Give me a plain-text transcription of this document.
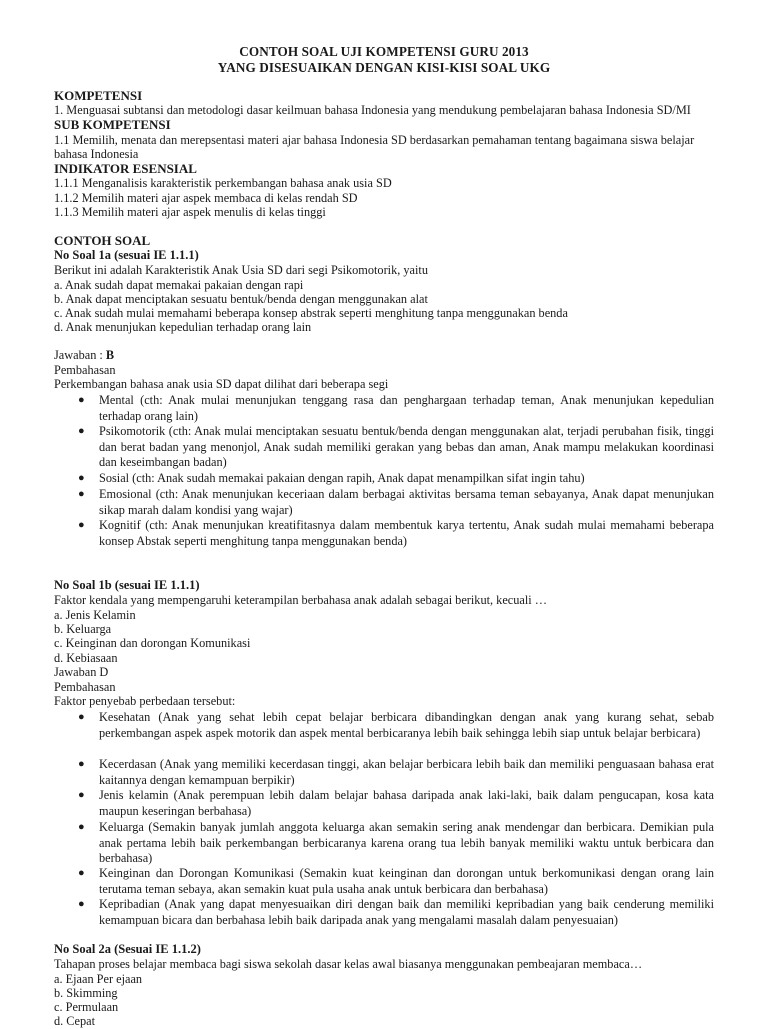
CONTOH SOAL UJI KOMPETENSI GURU 2013
YANG DISESUAIKAN DENGAN KISI-KISI SOAL UKG
KOMPETENSI
1. Menguasai subtansi dan metodologi dasar keilmuan bahasa Indonesia yang mendukung pembelajaran bahasa Indonesia SD/MI
SUB KOMPETENSI
1.1 Memilih, menata dan merepsentasi materi ajar bahasa Indonesia SD berdasarkan pemahaman tentang bagaimana siswa belajar
bahasa Indonesia
INDIKATOR ESENSIAL
1.1.1 Menganalisis karakteristik perkembangan bahasa anak usia SD
1.1.2 Memilih materi ajar aspek membaca di kelas rendah SD
1.1.3 Memilih materi ajar aspek menulis di kelas tinggi
CONTOH SOAL
No Soal 1a (sesuai IE 1.1.1)
Berikut ini adalah Karakteristik Anak Usia SD dari segi Psikomotorik, yaitu
a. Anak sudah dapat memakai pakaian dengan rapi
b. Anak dapat menciptakan sesuatu bentuk/benda dengan menggunakan alat
c. Anak sudah mulai memahami beberapa konsep abstrak seperti menghitung tanpa menggunakan benda
d. Anak menunjukan kepedulian terhadap orang lain
Jawaban : B
Pembahasan
Perkembangan bahasa anak usia SD dapat dilihat dari beberapa segi
● Mental (cth: Anak mulai menunjukan tenggang rasa dan penghargaan terhadap teman, Anak menunjukan kepedulian terhadap orang lain)
● Psikomotorik (cth: Anak mulai menciptakan sesuatu bentuk/benda dengan menggunakan alat, terjadi perubahan fisik, tinggi dan berat badan yang menonjol, Anak sudah memiliki gerakan yang bebas dan aman, Anak mampu melakukan koordinasi dan keseimbangan badan)
● Sosial (cth: Anak sudah memakai pakaian dengan rapih, Anak dapat menampilkan sifat ingin tahu)
● Emosional (cth: Anak menunjukan keceriaan dalam berbagai aktivitas bersama teman sebayanya, Anak dapat menunjukan sikap marah dalam kondisi yang wajar)
● Kognitif (cth: Anak menunjukan kreatifitasnya dalam membentuk karya tertentu, Anak sudah mulai memahami beberapa konsep Abstak seperti menghitung tanpa menggunakan benda)
No Soal 1b (sesuai IE 1.1.1)
Faktor kendala yang mempengaruhi keterampilan berbahasa anak adalah sebagai berikut, kecuali …
a. Jenis Kelamin
b. Keluarga
c. Keinginan dan dorongan Komunikasi
d. Kebiasaan
Jawaban D
Pembahasan
Faktor penyebab perbedaan tersebut:
● Kesehatan (Anak yang sehat lebih cepat belajar berbicara dibandingkan dengan anak yang kurang sehat, sebab perkembangan aspek aspek motorik dan aspek mental berbicaranya lebih baik sehingga lebih siap untuk belajar berbicara)
● Kecerdasan (Anak yang memiliki kecerdasan tinggi, akan belajar berbicara lebih baik dan memiliki penguasaan bahasa erat kaitannya dengan kemampuan berpikir)
● Jenis kelamin (Anak perempuan lebih dalam belajar bahasa daripada anak laki-laki, baik dalam pengucapan, kosa kata maupun keseringan berbahasa)
● Keluarga (Semakin banyak jumlah anggota keluarga akan semakin sering anak mendengar dan berbicara. Demikian pula anak pertama lebih baik perkembangan berbicaranya karena orang tua lebih banyak memiliki waktu untuk berbicara dan berbahasa)
● Keinginan dan Dorongan Komunikasi (Semakin kuat keinginan dan dorongan untuk berkomunikasi dengan orang lain terutama teman sebaya, akan semakin kuat pula usaha anak untuk berbicara dan berbahasa)
● Kepribadian (Anak yang dapat menyesuaikan diri dengan baik dan memiliki kepribadian yang baik cenderung memiliki kemampuan bicara dan berbahasa lebih baik daripada anak yang mengalami masalah dalam penyesuaian)
No Soal 2a (Sesuai IE 1.1.2)
Tahapan proses belajar membaca bagi siswa sekolah dasar kelas awal biasanya menggunakan pembeajaran membaca…
a. Ejaan Per ejaan
b. Skimming
c. Permulaan
d. Cepat
